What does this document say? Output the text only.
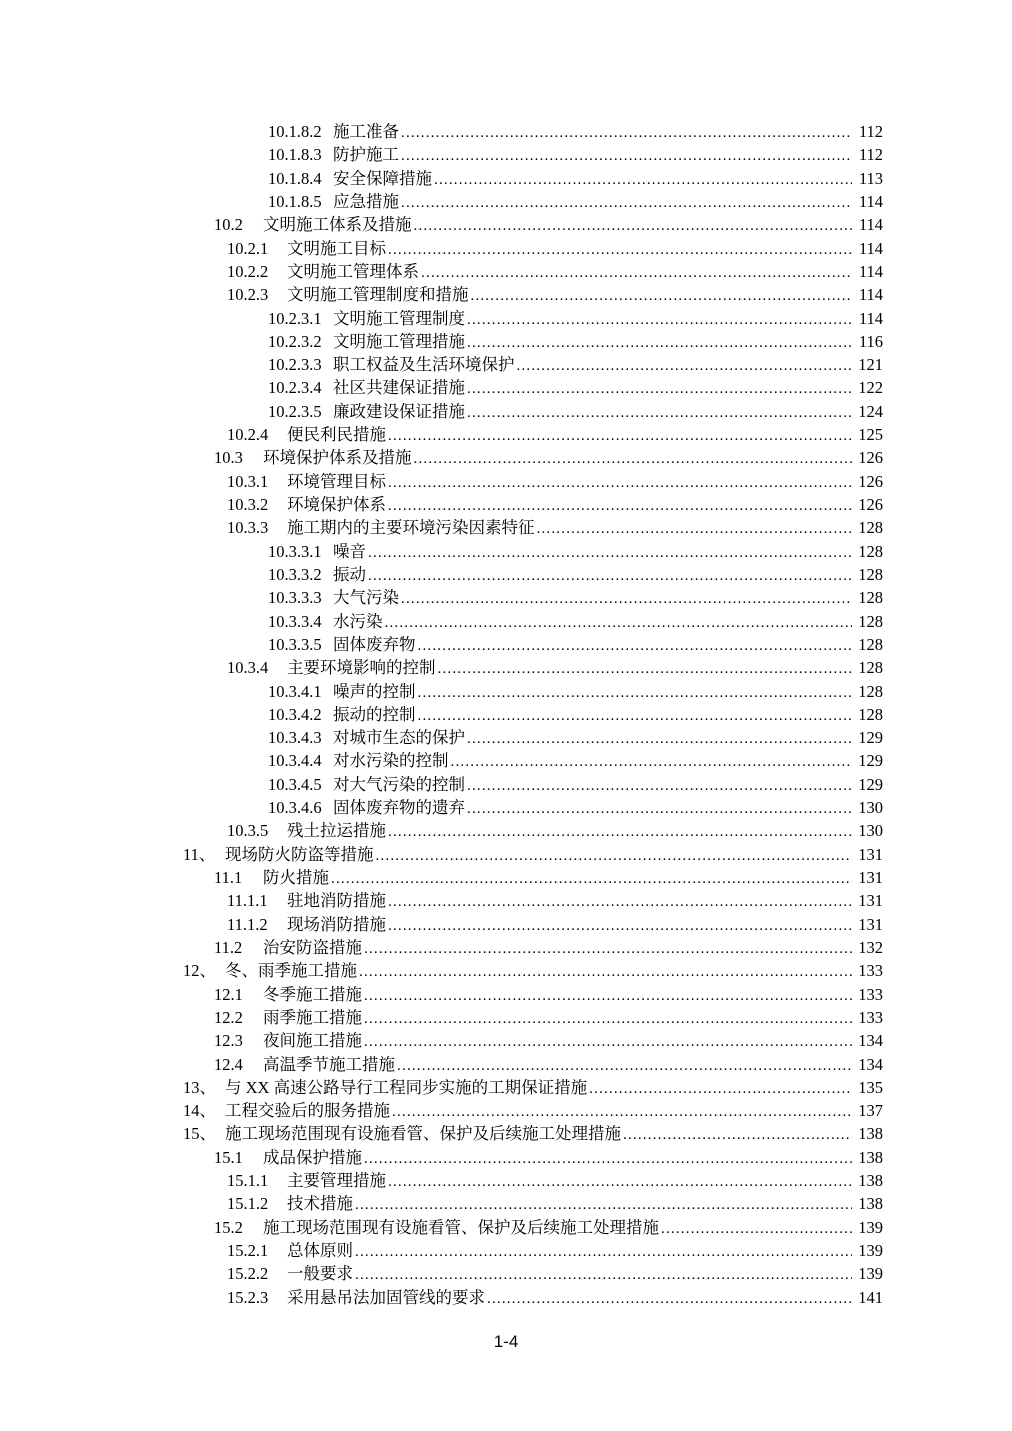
10.1.8.2 施工准备 .....	112
10.1.8.3 防护施工 .....	112
10.1.8.4 安全保障措施 .....	113
10.1.8.5 应急措施 .....	114
10.2	文明施工体系及措施 .....	114
10.2.1	文明施工目标 .....	114
10.2.2	文明施工管理体系 .....	114
10.2.3	文明施工管理制度和措施 .....	114
10.2.3.1 文明施工管理制度 .....	114
10.2.3.2 文明施工管理措施 .....	116
10.2.3.3 职工权益及生活环境保护 .....	121
10.2.3.4 社区共建保证措施 .....	122
10.2.3.5 廉政建设保证措施 .....	124
10.2.4	便民利民措施 .....	125
10.3	环境保护体系及措施 .....	126
10.3.1	环境管理目标 .....	126
10.3.2	环境保护体系 .....	126
10.3.3	施工期内的主要环境污染因素特征 .....	128
10.3.3.1 噪音 .....	128
10.3.3.2 振动 .....	128
10.3.3.3 大气污染 .....	128
10.3.3.4 水污染 .....	128
10.3.3.5 固体废弃物 .....	128
10.3.4	主要环境影响的控制 .....	128
10.3.4.1 噪声的控制 .....	128
10.3.4.2 振动的控制 .....	128
10.3.4.3 对城市生态的保护 .....	129
10.3.4.4 对水污染的控制 .....	129
10.3.4.5 对大气污染的控制 .....	129
10.3.4.6 固体废弃物的遗弃 .....	130
10.3.5	残土拉运措施 .....	130
11、 现场防火防盗等措施 .....	131
11.1	防火措施 .....	131
11.1.1	驻地消防措施 .....	131
11.1.2	现场消防措施 .....	131
11.2	治安防盗措施 .....	132
12、 冬、雨季施工措施 .....	133
12.1	冬季施工措施 .....	133
12.2	雨季施工措施 .....	133
12.3	夜间施工措施 .....	134
12.4	高温季节施工措施 .....	134
13、 与 XX 高速公路导行工程同步实施的工期保证措施 .....	135
14、 工程交验后的服务措施 .....	137
15、 施工现场范围现有设施看管、保护及后续施工处理措施 .....	138
15.1	成品保护措施 .....	138
15.1.1	主要管理措施 .....	138
15.1.2	技术措施 .....	138
15.2	施工现场范围现有设施看管、保护及后续施工处理措施 .....	139
15.2.1	总体原则 .....	139
15.2.2	一般要求 .....	139
15.2.3	采用悬吊法加固管线的要求 .....	141
1-4
